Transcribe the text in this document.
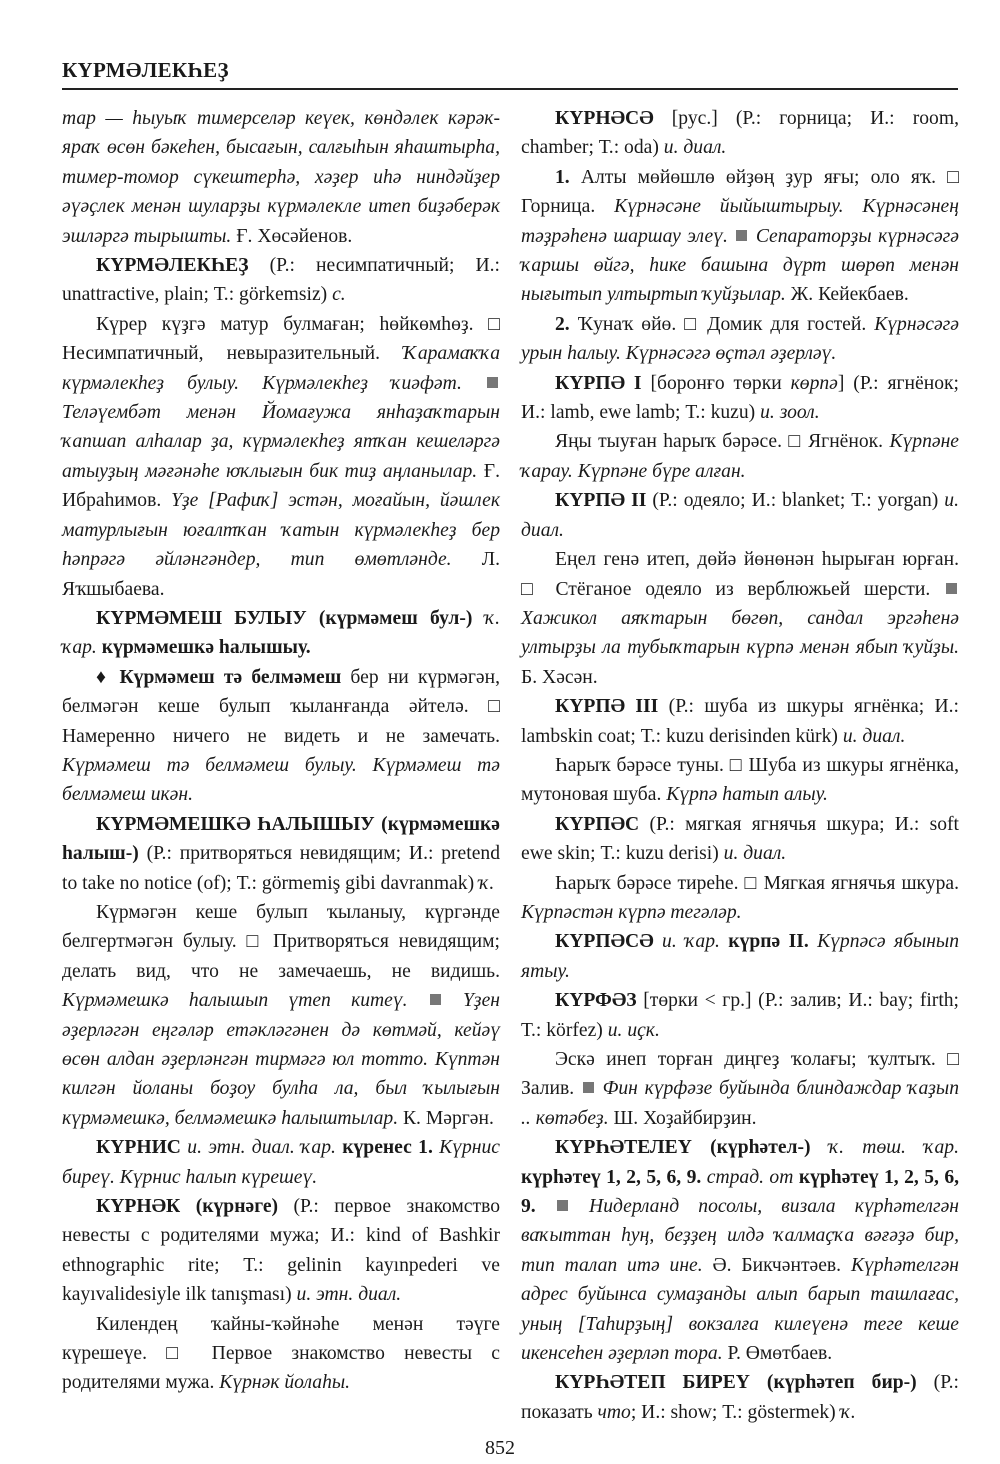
КҮРМӘЛЕКҺЕҘ

тар — һыуыҡ тимерселәр кеүек, көндәлек кәрәк-яраҡ өсөн бәкеһен, бысағын, салғыһын яһаштырһа, тимер-томор сүкештерһә, хәҙер иһә ниндәйҙер әүәҫлек менән шуларҙы күрмәлекле итеп биҙәберәк эшләргә тырышты. Ғ. Хөсәйенов.

КҮРМӘЛЕКҺЕҘ (Р.: несимпатичный; И.: unattractive, plain; Т.: görkemsiz) с.

Күрер күҙгә матур булмаған; һөйкөмһөҙ. □ Несимпатичный, невыразительный. Ҡарамаҡҡа күрмәлекһеҙ булыу. Күрмәлекһеҙ ҡиәфәт.  Теләүембәт менән Йомағужа янһаҙаҡтарын ҡапшап алһалар ҙа, күрмәлекһеҙ ятҡан кешеләргә атыуҙың мәғәнәһе юҡлығын бик тиҙ аңланылар. Ғ. Ибраһимов. Үҙе [Рафиҡ] эстән, моғайын, йәшлек матурлығын юғалтҡан ҡатын күрмәлекһеҙ бер һәпрәгә әйләнгәндер, тип өмөтләнде. Л. Яҡшыбаева.

КҮРМӘМЕШ БУЛЫУ (күрмәмеш бул-) ҡ. ҡар. күрмәмешкә һалышыу.

♦ Күрмәмеш тә белмәмеш бер ни күрмәгән, белмәгән кеше булып ҡыланғанда әйтелә. □ Намеренно ничего не видеть и не замечать. Күрмәмеш тә белмәмеш булыу. Күрмәмеш тә белмәмеш икән.

КҮРМӘМЕШКӘ ҺАЛЫШЫУ (күрмәмешкә һалыш-) (Р.: притворяться невидящим; И.: pretend to take no notice (of); Т.: görmemiş gibi davranmak) ҡ.

Күрмәгән кеше булып ҡыланыу, күргәнде белгертмәгән булыу. □ Притворяться невидящим; делать вид, что не замечаешь, не видишь. Күрмәмешкә һалышып үтеп китеү.  Үҙен әҙерләгән еңгәләр етәкләгәнен дә көтмәй, кейәү өсөн алдан әҙерләнгән тирмәгә юл тотто. Күптән килгән йоланы боҙоу булһа ла, был ҡылығын күрмәмешкә, белмәмешкә һалыштылар. К. Мәргән.

КҮРНИС и. этн. диал. ҡар. күренес 1. Күрнис биреү. Күрнис һалып күрешеү.

КҮРНӘК (күрнәге) (Р.: первое знакомство невесты с родителями мужа; И.: kind of Bashkir ethnographic rite; Т.: gelinin kayınpederi ve kayıvalidesiyle ilk tanışması) и. этн. диал.

Килендең ҡайны-ҡәйнәһе менән тәүге күрешеүе. □ Первое знакомство невесты с родителями мужа. Күрнәк йолаһы.

КҮРНӘСӘ [рус.] (Р.: горница; И.: room, chamber; Т.: oda) и. диал.

1. Алты мөйөшлө өйҙөң ҙур яғы; оло яҡ. □ Горница. Күрнәсәне йыйыштырыу. Күрнәсәнең тәҙрәһенә шаршау элеү.  Сепараторҙы күрнәсәгә ҡаршы өйгә, һике башына дүрт шөрөп менән нығытып ултыртып ҡуйҙылар. Ж. Кейекбаев.

2. Ҡунаҡ өйө. □ Домик для гостей. Күрнәсәгә урын һалыу. Күрнәсәгә өҫтәл әҙерләү.

КҮРПӘ I [боронғо төрки көрпә] (Р.: ягнёнок; И.: lamb, ewe lamb; Т.: kuzu) и. зоол.

Яңы тыуған һарыҡ бәрәсе. □ Ягнёнок. Күрпәне ҡарау. Күрпәне бүре алған.

КҮРПӘ II (Р.: одеяло; И.: blanket; Т.: yorgan) и. диал.

Еңел генә итеп, дөйә йөнөнән һырыған юрған. □ Стёганое одеяло из верблюжьей шерсти.  Хажикол аяҡтарын бөгөп, сандал эргәһенә ултырҙы ла тубыҡтарын күрпә менән ябып ҡуйҙы. Б. Хәсән.

КҮРПӘ III (Р.: шуба из шкуры ягнёнка; И.: lambskin coat; Т.: kuzu derisinden kürk) и. диал.

Һарыҡ бәрәсе туны. □ Шуба из шкуры ягнёнка, мутоновая шуба. Күрпә һатып алыу.

КҮРПӘС (Р.: мягкая ягнячья шкура; И.: soft ewe skin; Т.: kuzu derisi) и. диал.

Һарыҡ бәрәсе тиреһе. □ Мягкая ягнячья шкура. Күрпәстән күрпә тегәләр.

КҮРПӘСӘ и. ҡар. күрпә II. Күрпәсә ябынып ятыу.

КҮРФӘЗ [төрки < гр.] (Р.: залив; И.: bay; firth; Т.: körfez) и. иҫк.

Эскә инеп торған диңгеҙ ҡолағы; ҡултыҡ. □ Залив.  Фин күрфәзе буйында блиндаждар ҡаҙып .. көтәбеҙ. Ш. Хоҙайбирҙин.

КҮРҺӘТЕЛЕҮ (күрһәтел-) ҡ. төш. ҡар. күрһәтеү 1, 2, 5, 6, 9. страд. от күрһәтеү 1, 2, 5, 6, 9.  Нидерланд посолы, визала күрһәтелгән ваҡыттан һуң, беҙҙең илдә ҡалмаҫҡа вәғәҙә бир, тип талап итә ине. Ә. Бикчәнтәев. Күрһәтелгән адрес буйынса сумаҙанды алып барып ташлағас, уның [Таһирҙың] вокзалға килеүенә теге кеше икенсеһен әҙерләп тора. Р. Өмөтбаев.

КҮРҺӘТЕП БИРЕҮ (күрһәтеп бир-) (Р.: показать что; И.: show; Т.: göstermek) ҡ.

852
